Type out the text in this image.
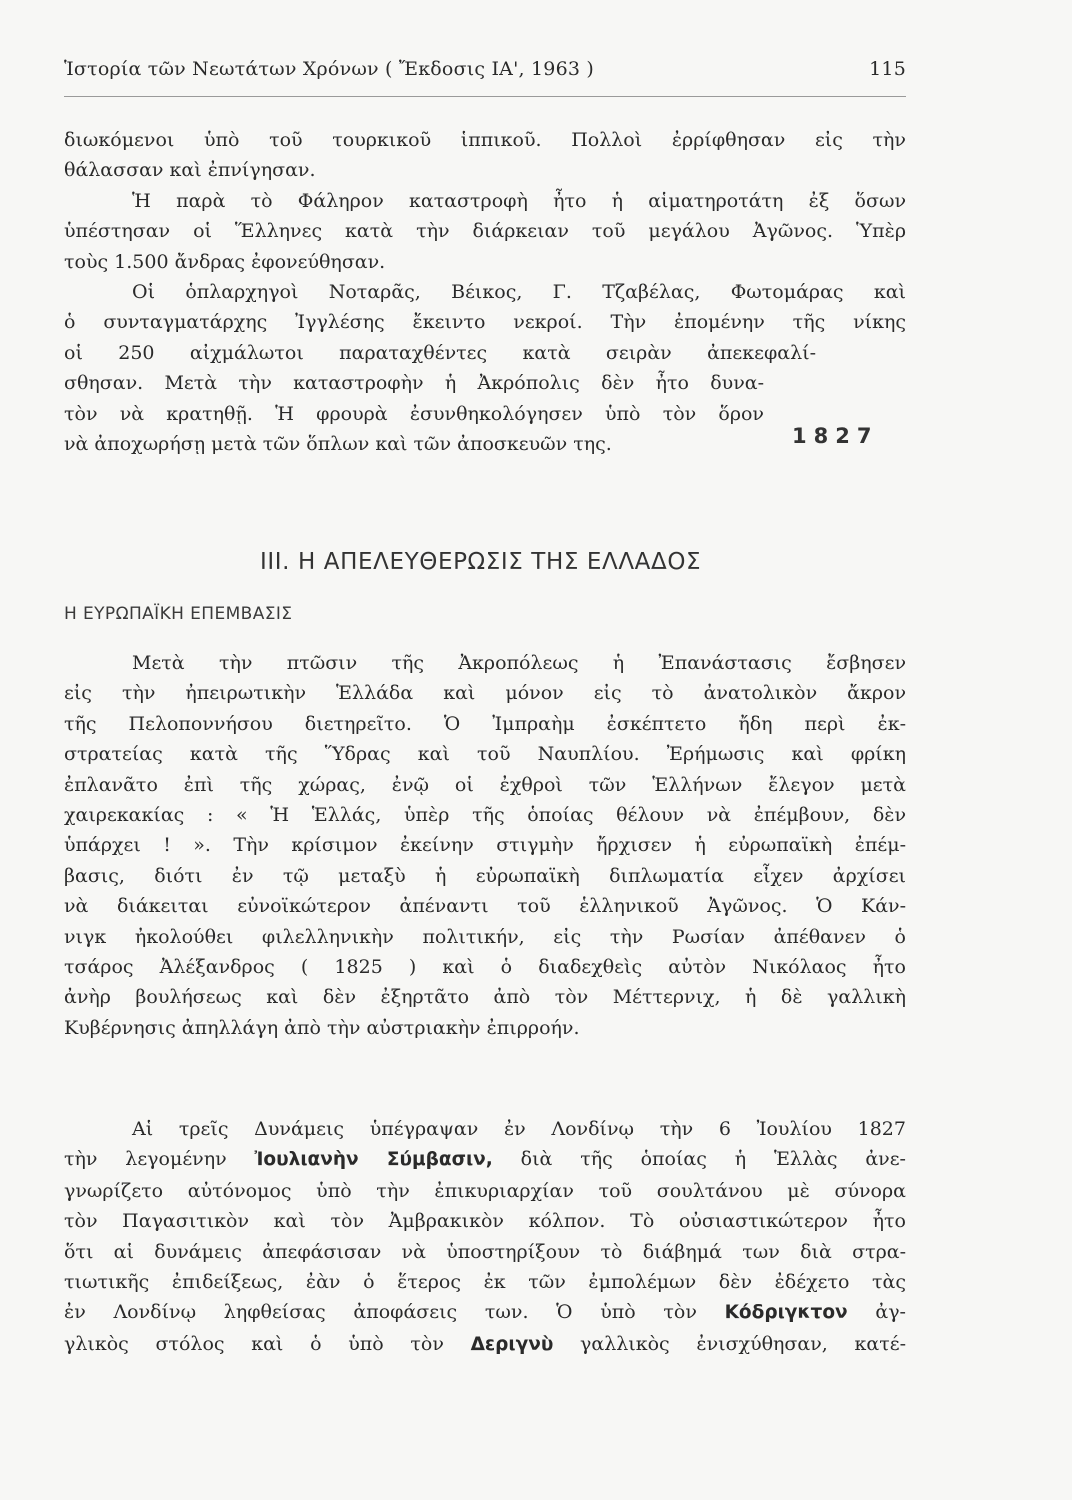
Ἱστορία τῶν Νεωτάτων Χρόνων ( Ἔκδοσις ΙΑ', 1963 )	115

διωκόμενοι ὑπὸ τοῦ τουρκικοῦ ἱππικοῦ. Πολλοὶ ἐρρίφθησαν εἰς τὴν
θάλασσαν καὶ ἐπνίγησαν.

Ἡ παρὰ τὸ Φάληρον καταστροφὴ ἦτο ἡ αἱματηροτάτη ἐξ ὅσων
ὑπέστησαν οἱ Ἕλληνες κατὰ τὴν διάρκειαν τοῦ μεγάλου Ἀγῶνος. Ὑπὲρ
τοὺς 1.500 ἄνδρας ἐφονεύθησαν.

Οἱ ὁπλαρχηγοὶ Νοταρᾶς, Βέικος, Γ. Τζαβέλας, Φωτομάρας καὶ
ὁ συνταγματάρχης Ἰγγλέσης ἔκειντο νεκροί. Τὴν ἐπομένην τῆς νίκης
οἱ 250 αἰχμάλωτοι παραταχθέντες κατὰ σειρὰν ἀπεκεφαλί-
σθησαν. Μετὰ τὴν καταστροφὴν ἡ Ἀκρόπολις δὲν ἦτο δυνα-
τὸν νὰ κρατηθῇ. Ἡ φρουρὰ ἐσυνθηκολόγησεν ὑπὸ τὸν ὅρον
νὰ ἀποχωρήσῃ μετὰ τῶν ὅπλων καὶ τῶν ἀποσκευῶν της.	1827
ΙΙΙ. Η ΑΠΕΛΕΥΘΕΡΩΣΙΣ ΤΗΣ ΕΛΛΑΔΟΣ
Η ΕΥΡΩΠΑΪΚΗ ΕΠΕΜΒΑΣΙΣ

Μετὰ τὴν πτῶσιν τῆς Ἀκροπόλεως ἡ Ἐπανάστασις ἔσβησεν
εἰς τὴν ἠπειρωτικὴν Ἑλλάδα καὶ μόνον εἰς τὸ ἀνατολικὸν ἄκρον
τῆς Πελοποννήσου διετηρεῖτο. Ὁ Ἰμπραὴμ ἐσκέπτετο ἤδη περὶ ἐκ-
στρατείας κατὰ τῆς Ὕδρας καὶ τοῦ Ναυπλίου. Ἐρήμωσις καὶ φρίκη
ἐπλανᾶτο ἐπὶ τῆς χώρας, ἐνῷ οἱ ἐχθροὶ τῶν Ἑλλήνων ἔλεγον μετὰ
χαιρεκακίας : « Ἡ Ἑλλάς, ὑπὲρ τῆς ὁποίας θέλουν νὰ ἐπέμβουν, δὲν
ὑπάρχει ! ». Τὴν κρίσιμον ἐκείνην στιγμὴν ἤρχισεν ἡ εὐρωπαϊκὴ ἐπέμ-
βασις, διότι ἐν τῷ μεταξὺ ἡ εὐρωπαϊκὴ διπλωματία εἶχεν ἀρχίσει
νὰ διάκειται εὐνοϊκώτερον ἀπέναντι τοῦ ἑλληνικοῦ Ἀγῶνος. Ὁ Κάν-
νιγκ ἠκολούθει φιλελληνικὴν πολιτικήν, εἰς τὴν Ρωσίαν ἀπέθανεν ὁ
τσάρος Ἀλέξανδρος ( 1825 ) καὶ ὁ διαδεχθεὶς αὐτὸν Νικόλαος ἦτο
ἀνὴρ βουλήσεως καὶ δὲν ἐξηρτᾶτο ἀπὸ τὸν Μέττερνιχ, ἡ δὲ γαλλικὴ
Κυβέρνησις ἀπηλλάγη ἀπὸ τὴν αὐστριακὴν ἐπιρροήν.

Αἱ τρεῖς Δυνάμεις ὑπέγραψαν ἐν Λονδίνῳ τὴν 6 Ἰουλίου 1827
τὴν λεγομένην Ἰουλιανὴν Σύμβασιν, διὰ τῆς ὁποίας ἡ Ἑλλὰς ἀνε-
γνωρίζετο αὐτόνομος ὑπὸ τὴν ἐπικυριαρχίαν τοῦ σουλτάνου μὲ σύνορα
τὸν Παγασιτικὸν καὶ τὸν Ἀμβρακικὸν κόλπον. Τὸ οὐσιαστικώτερον ἦτο
ὅτι αἱ δυνάμεις ἀπεφάσισαν νὰ ὑποστηρίξουν τὸ διάβημά των διὰ στρα-
τιωτικῆς ἐπιδείξεως, ἐὰν ὁ ἕτερος ἐκ τῶν ἐμπολέμων δὲν ἐδέχετο τὰς
ἐν Λονδίνῳ ληφθείσας ἀποφάσεις των. Ὁ ὑπὸ τὸν Κόδριγκτον ἀγ-
γλικὸς στόλος καὶ ὁ ὑπὸ τὸν Δεριγνὺ γαλλικὸς ἐνισχύθησαν, κατέ-
